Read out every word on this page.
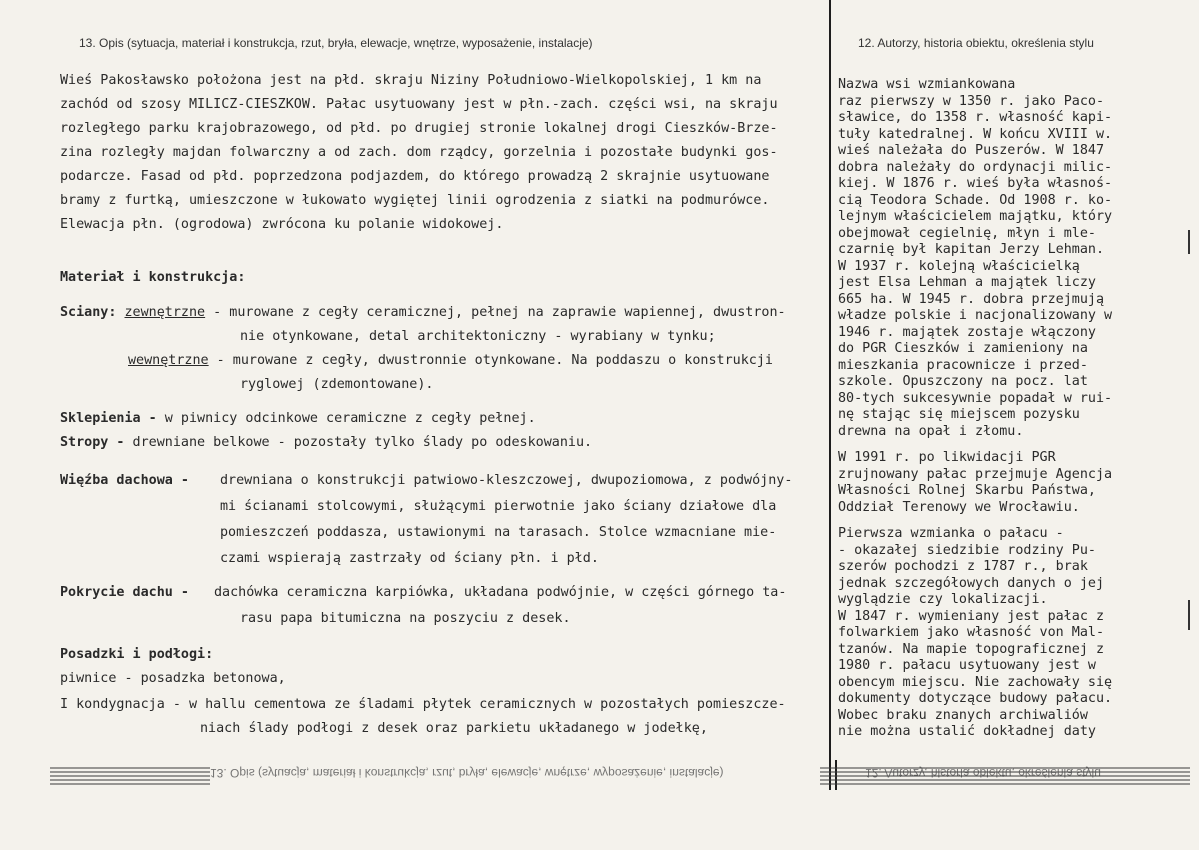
13. Opis (sytuacja, materiał i konstrukcja, rzut, bryła, elewacje, wnętrze, wyposażenie, instalacje)	12. Autorzy, historia obiektu, określenia stylu
Wieś Pakosławsko położona jest na płd. skraju Niziny Południowo-Wielkopolskiej, 1 km na
zachód od szosy MILICZ-CIESZKOW. Pałac usytuowany jest w płn.-zach. części wsi, na skraju
rozległego parku krajobrazowego, od płd. po drugiej stronie lokalnej drogi Cieszków-Brze-
zina rozległy majdan folwarczny a od zach. dom rządcy, gorzelnia i pozostałe budynki gos-
podarcze. Fasad od płd. poprzedzona podjazdem, do którego prowadzą 2 skrajnie usytuowane
bramy z furtką, umieszczone w łukowato wygiętej linii ogrodzenia z siatki na podmurówce.
Elewacja płn. (ogrodowa) zwrócona ku polanie widokowej.
Materiał i konstrukcja:
Sciany: zewnętrzne - murowane z cegły ceramicznej, pełnej na zaprawie wapiennej, dwustron-
nie otynkowane, detal architektoniczny - wyrabiany w tynku;
wewnętrzne - murowane z cegły, dwustronnie otynkowane. Na poddaszu o konstrukcji
ryglowej (zdemontowane).
Sklepienia - w piwnicy odcinkowe ceramiczne z cegły pełnej.
Stropy - drewniane belkowe - pozostały tylko ślady po odeskowaniu.
Więźba dachowa - drewniana o konstrukcji patwiowo-kleszczowej, dwupoziomowa, z podwójny-
mi ścianami stolcowymi, służącymi pierwotnie jako ściany działowe dla
pomieszczeń poddasza, ustawionymi na tarasach. Stolce wzmacniane mie-
czami wspierają zastrzały od ściany płn. i płd.
Pokrycie dachu - dachówka ceramiczna karpiówka, układana podwójnie, w części górnego ta-
rasu papa bitumiczna na poszyciu z desek.
Posadzki i podłogi:
piwnice - posadzka betonowa,
I kondygnacja - w hallu cementowa ze śladami płytek ceramicznych w pozostałych pomieszcze-
niach ślady podłogi z desek oraz parkietu układanego w jodełkę,
Nazwa wsi wzmiankowana
raz pierwszy w 1350 r. jako Paco-
sławice, do 1358 r. własność kapi-
tuły katedralnej. W końcu XVIII w.
wieś należała do Puszerów. W 1847
dobra należały do ordynacji milic-
kiej. W 1876 r. wieś była własnoś-
cią Teodora Schade. Od 1908 r. ko-
lejnym właścicielem majątku, który
obejmował cegielnię, młyn i mle-
czarnię był kapitan Jerzy Lehman.
W 1937 r. kolejną właścicielką
jest Elsa Lehman a majątek liczy
665 ha. W 1945 r. dobra przejmują
władze polskie i nacjonalizowany w
1946 r. majątek zostaje włączony
do PGR Cieszków i zamieniony na
mieszkania pracownicze i przed-
szkole. Opuszczony na pocz. lat
80-tych sukcesywnie popadał w rui-
nę stając się miejscem pozysku
drewna na opał i złomu.
W 1991 r. po likwidacji PGR
zrujnowany pałac przejmuje Agencja
Własności Rolnej Skarbu Państwa,
Oddział Terenowy we Wrocławiu.
Pierwsza wzmianka o pałacu -
- okazałej siedzibie rodziny Pu-
szerów pochodzi z 1787 r., brak
jednak szczegółowych danych o jej
wyglądzie czy lokalizacji.
W 1847 r. wymieniany jest pałac z
folwarkiem jako własność von Mal-
tzanów. Na mapie topograficznej z
1980 r. pałacu usytuowany jest w
obencym miejscu. Nie zachowały się
dokumenty dotyczące budowy pałacu.
Wobec braku znanych archiwaliów
nie można ustalić dokładnej daty
13. Opis (sytuacja, materiał i konstrukcja, rzut, bryła, elewacje, wnętrze, wyposażenie, instalacje)	12. Autorzy, historia obiektu, określenia stylu
